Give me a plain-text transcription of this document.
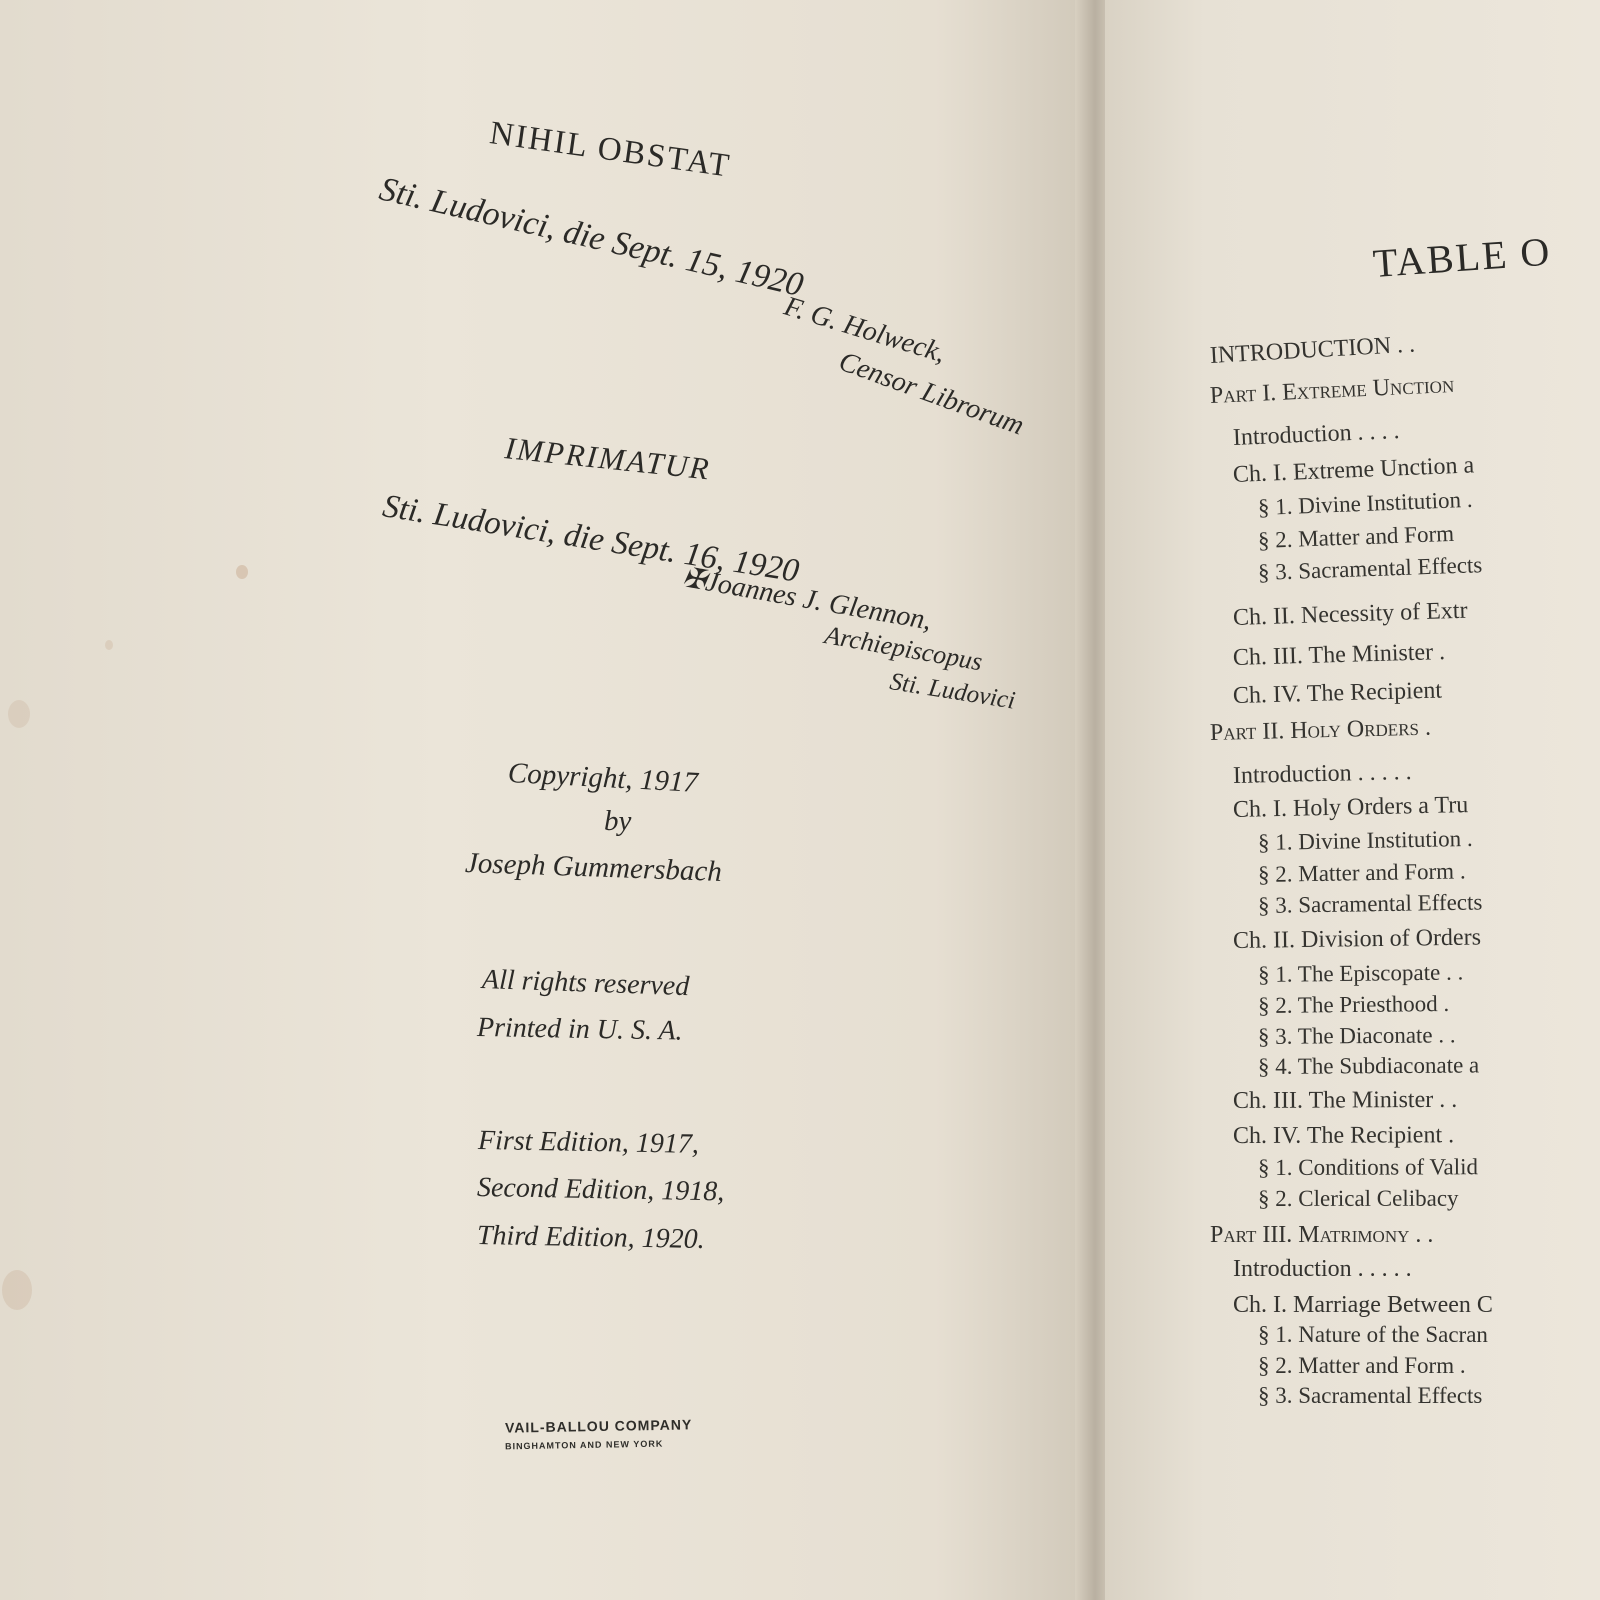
NIHIL OBSTAT
Sti. Ludovici, die Sept. 15, 1920
F. G. Holweck,
Censor Librorum
IMPRIMATUR
Sti. Ludovici, die Sept. 16, 1920
✠Joannes J. Glennon,
Archiepiscopus
Sti. Ludovici
Copyright, 1917
by
Joseph Gummersbach
All rights reserved
Printed in U. S. A.
First Edition, 1917,
Second Edition, 1918,
Third Edition, 1920.
VAIL-BALLOU COMPANY
BINGHAMTON AND NEW YORK
TABLE O
INTRODUCTION . .
Part I. Extreme Unction
Introduction . . . .
Ch. I. Extreme Unction a
§ 1. Divine Institution .
§ 2. Matter and Form
§ 3. Sacramental Effects
Ch. II. Necessity of Extr
Ch. III. The Minister .
Ch. IV. The Recipient
Part II. Holy Orders .
Introduction . . . . .
Ch. I. Holy Orders a Tru
§ 1. Divine Institution .
§ 2. Matter and Form .
§ 3. Sacramental Effects
Ch. II. Division of Orders
§ 1. The Episcopate . .
§ 2. The Priesthood .
§ 3. The Diaconate . .
§ 4. The Subdiaconate a
Ch. III. The Minister . .
Ch. IV. The Recipient .
§ 1. Conditions of Valid
§ 2. Clerical Celibacy
Part III. Matrimony . .
Introduction . . . . .
Ch. I. Marriage Between C
§ 1. Nature of the Sacran
§ 2. Matter and Form .
§ 3. Sacramental Effects
